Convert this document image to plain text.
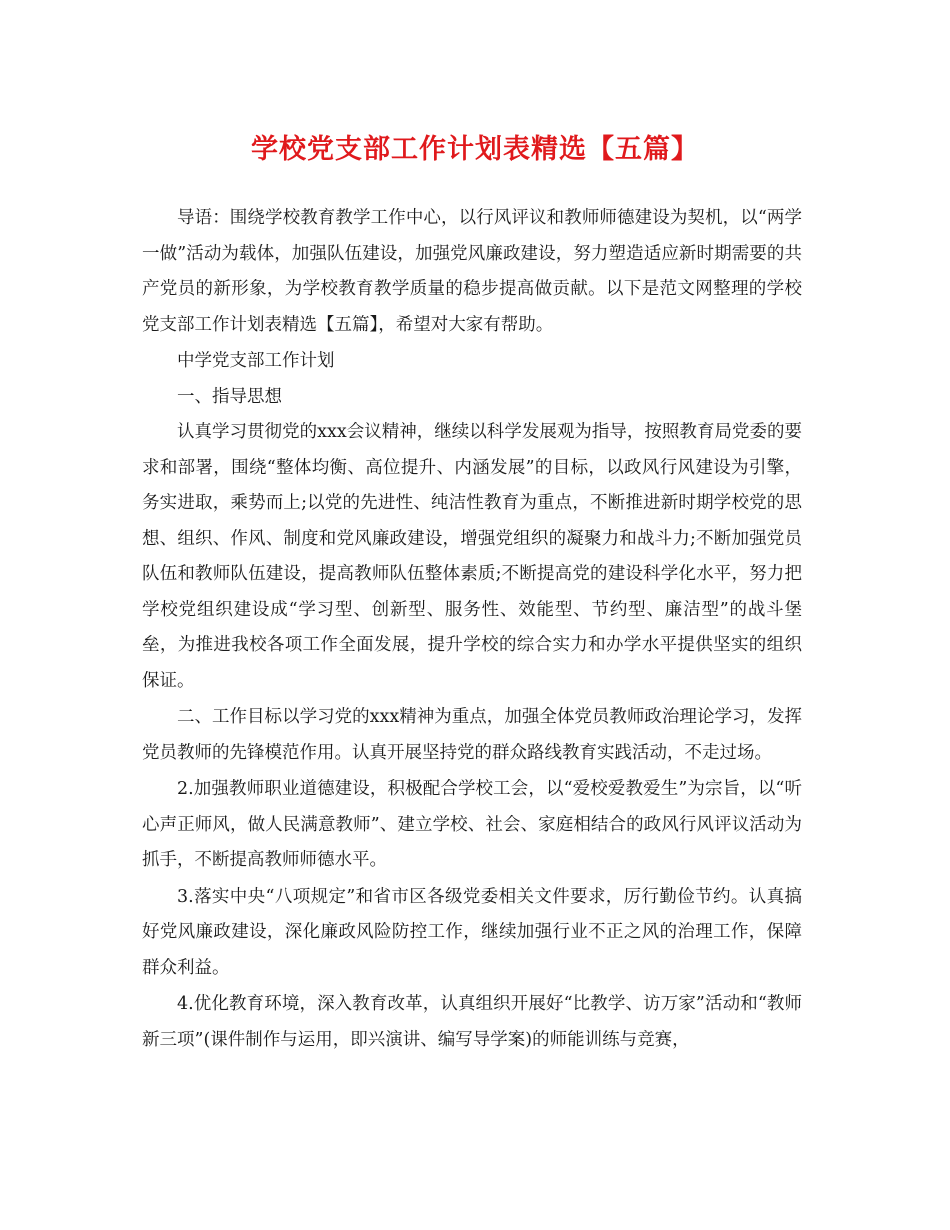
学校党支部工作计划表精选【五篇】

导语：围绕学校教育教学工作中心，以行风评议和教师师德建设为契机，以“两学一做”活动为载体，加强队伍建设，加强党风廉政建设，努力塑造适应新时期需要的共产党员的新形象，为学校教育教学质量的稳步提高做贡献。以下是范文网整理的学校党支部工作计划表精选【五篇】，希望对大家有帮助。

中学党支部工作计划

一、指导思想

认真学习贯彻党的xxx会议精神，继续以科学发展观为指导，按照教育局党委的要求和部署，围绕“整体均衡、高位提升、内涵发展”的目标，以政风行风建设为引擎，务实进取，乘势而上;以党的先进性、纯洁性教育为重点，不断推进新时期学校党的思想、组织、作风、制度和党风廉政建设，增强党组织的凝聚力和战斗力;不断加强党员队伍和教师队伍建设，提高教师队伍整体素质;不断提高党的建设科学化水平，努力把学校党组织建设成“学习型、创新型、服务性、效能型、节约型、廉洁型”的战斗堡垒，为推进我校各项工作全面发展，提升学校的综合实力和办学水平提供坚实的组织保证。

二、工作目标以学习党的xxx精神为重点，加强全体党员教师政治理论学习，发挥党员教师的先锋模范作用。认真开展坚持党的群众路线教育实践活动，不走过场。

2.加强教师职业道德建设，积极配合学校工会，以“爱校爱教爱生”为宗旨，以“听心声正师风，做人民满意教师”、建立学校、社会、家庭相结合的政风行风评议活动为抓手，不断提高教师师德水平。

3.落实中央“八项规定”和省市区各级党委相关文件要求，厉行勤俭节约。认真搞好党风廉政建设，深化廉政风险防控工作，继续加强行业不正之风的治理工作，保障群众利益。

4.优化教育环境，深入教育改革，认真组织开展好“比教学、访万家”活动和“教师新三项”(课件制作与运用，即兴演讲、编写导学案)的师能训练与竞赛，
